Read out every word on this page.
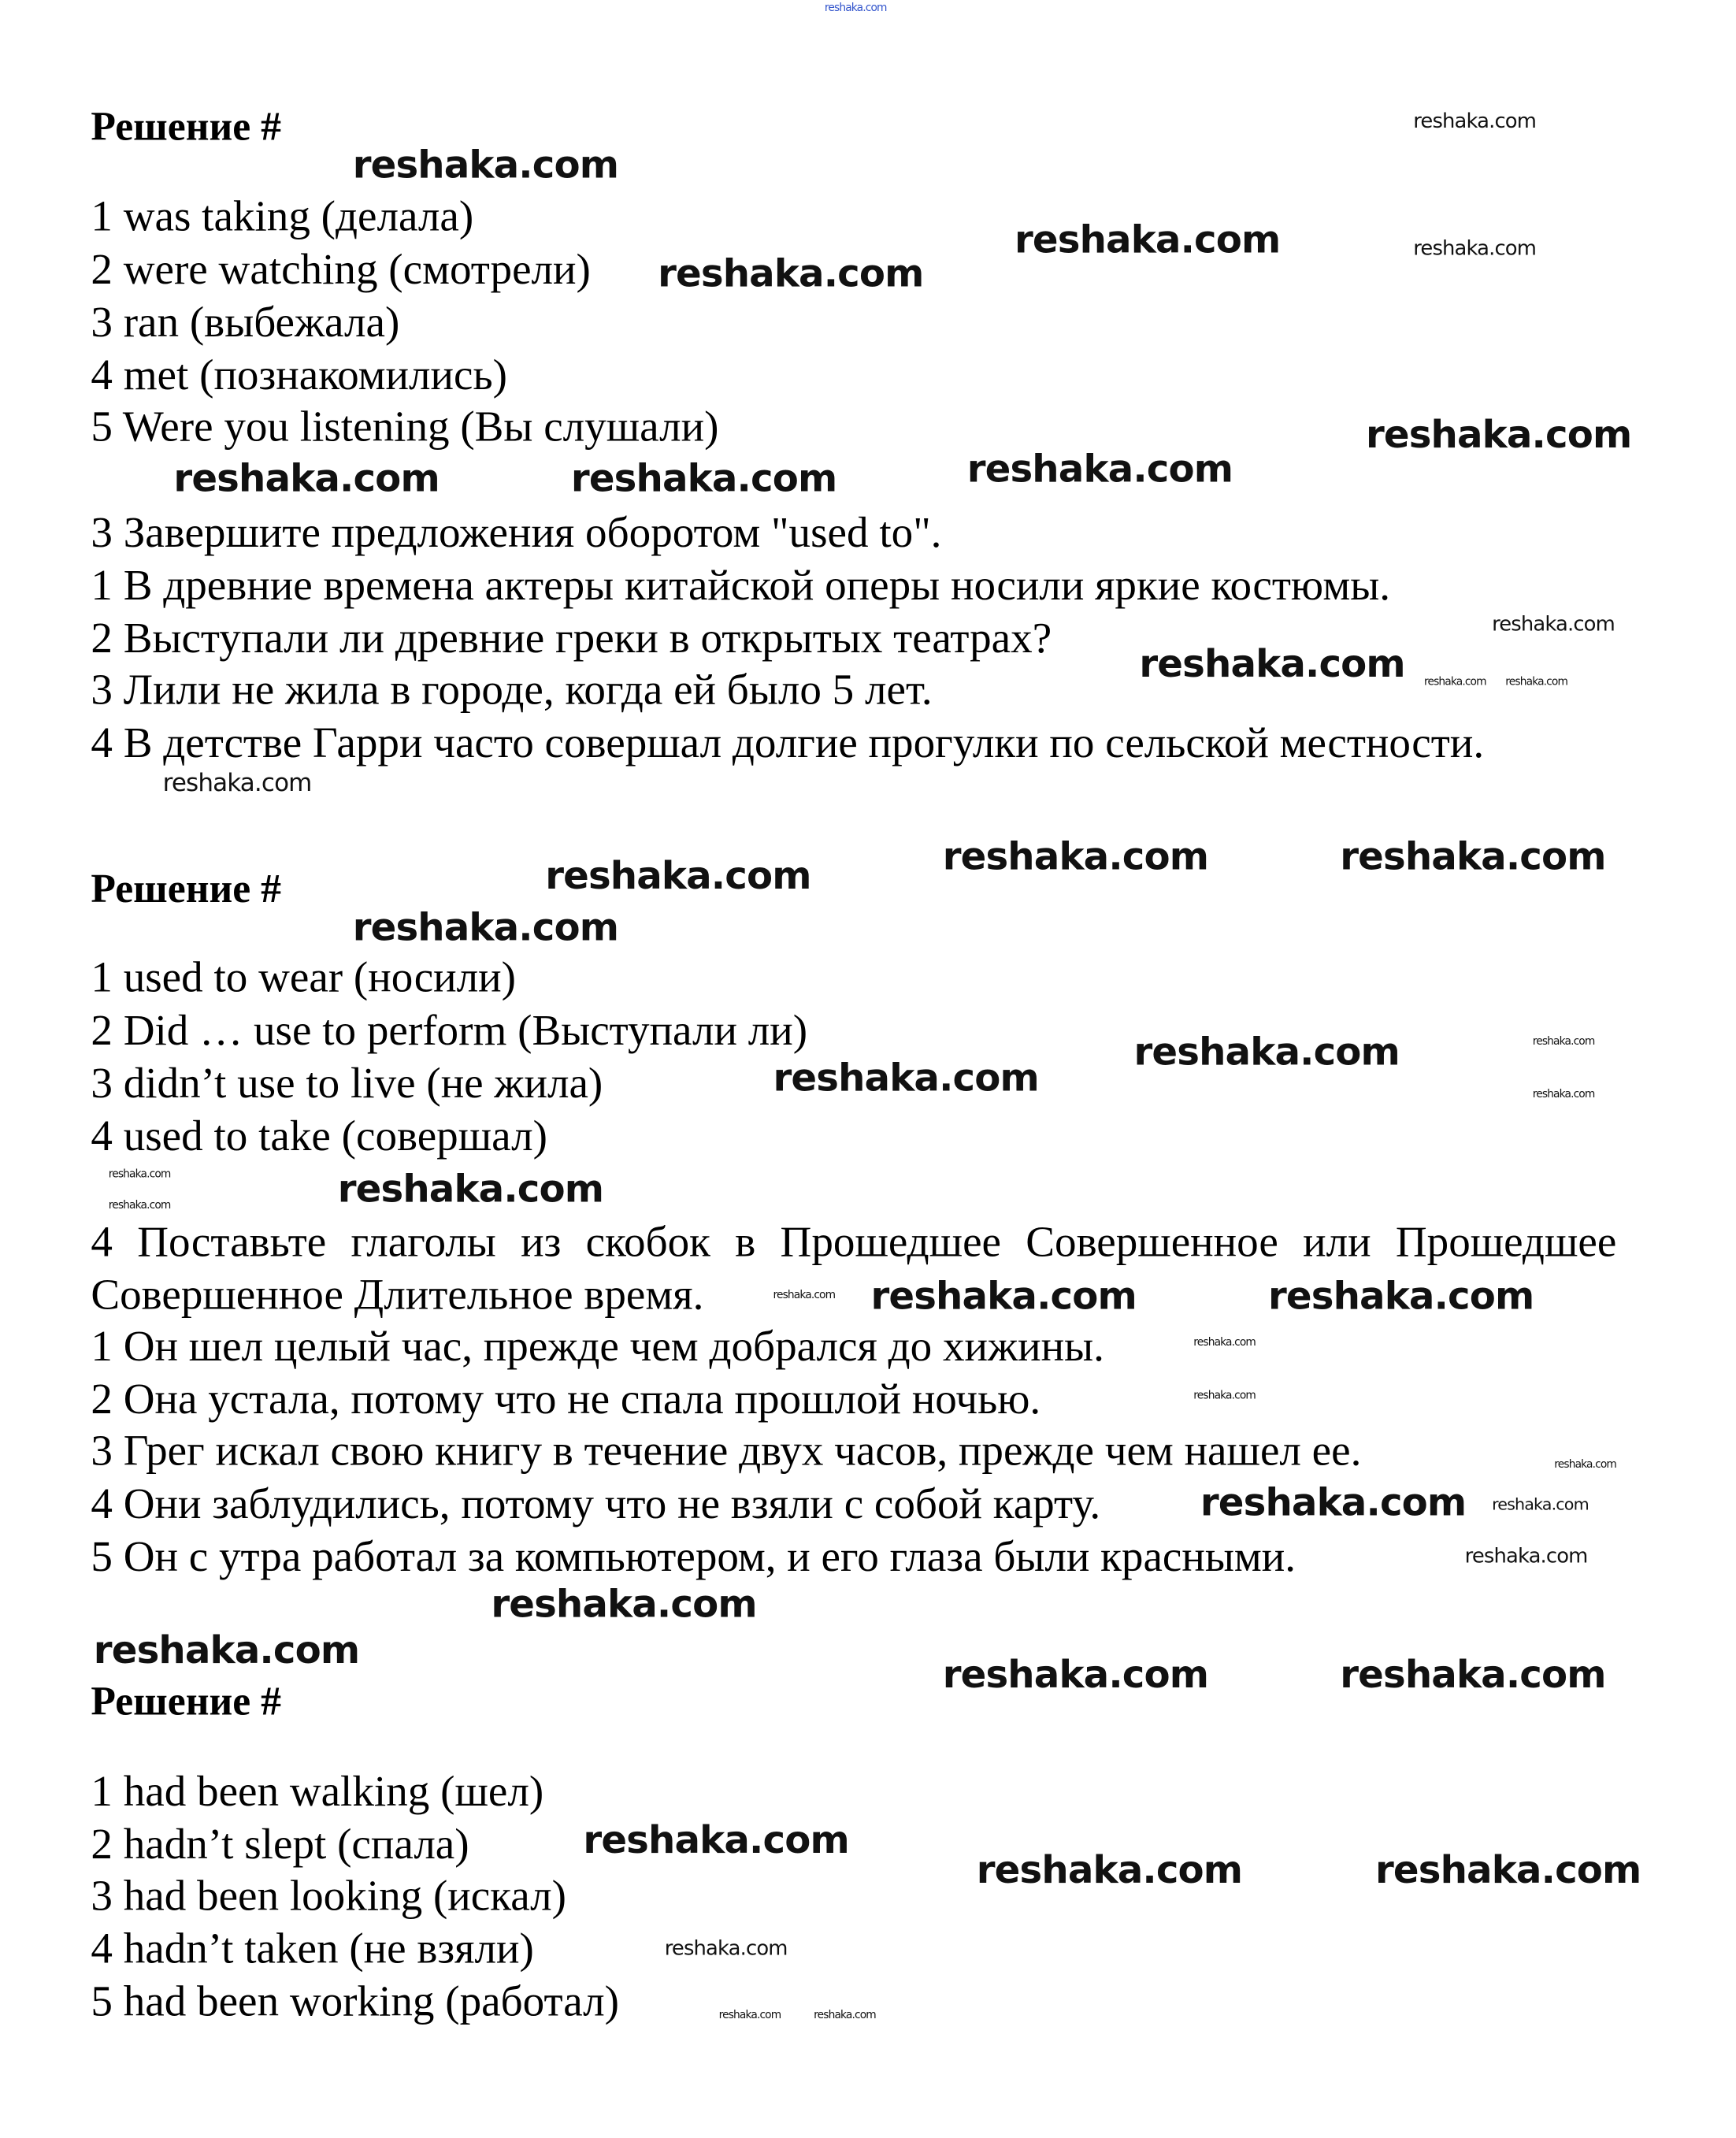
Решение #
1 was taking (делала)
2 were watching (смотрели)
3 ran (выбежала)
4 met (познакомились)
5 Were you listening (Вы слушали)
3 Завершите предложения оборотом "used to".
1 В древние времена актеры китайской оперы носили яркие костюмы.
2 Выступали ли древние греки в открытых театрах?
3 Лили не жила в городе, когда ей было 5 лет.
4 В детстве Гарри часто совершал долгие прогулки по сельской местности.
Решение #
1 used to wear (носили)
2 Did … use to perform (Выступали ли)
3 didn’t use to live (не жила)
4 used to take (совершал)
4 Поставьте глаголы из скобок в Прошедшее Совершенное или Прошедшее
Совершенное Длительное время.
1 Он шел целый час, прежде чем добрался до хижины.
2 Она устала, потому что не спала прошлой ночью.
3 Грег искал свою книгу в течение двух часов, прежде чем нашел ее.
4 Они заблудились, потому что не взяли с собой карту.
5 Он с утра работал за компьютером, и его глаза были красными.
Решение #
1 had been walking (шел)
2 hadn’t slept (спала)
3 had been looking (искал)
4 hadn’t taken (не взяли)
5 had been working (работал)
reshaka.com
reshaka.com
reshaka.com
reshaka.com	reshaka.com
reshaka.com
reshaka.com
reshaka.com
reshaka.com	reshaka.com
reshaka.com
reshaka.com	reshaka.com	reshaka.com
reshaka.com
reshaka.com	reshaka.com	reshaka.com
reshaka.com
reshaka.com
reshaka.com
reshaka.com
reshaka.com
reshaka.com
reshaka.com	reshaka.com
reshaka.com reshaka.com	reshaka.com
reshaka.com
reshaka.com
reshaka.com
reshaka.com
reshaka.com
reshaka.com
reshaka.com
reshaka.com
reshaka.com	reshaka.com
reshaka.com
reshaka.com	reshaka.com
reshaka.com
reshaka.com	reshaka.com
